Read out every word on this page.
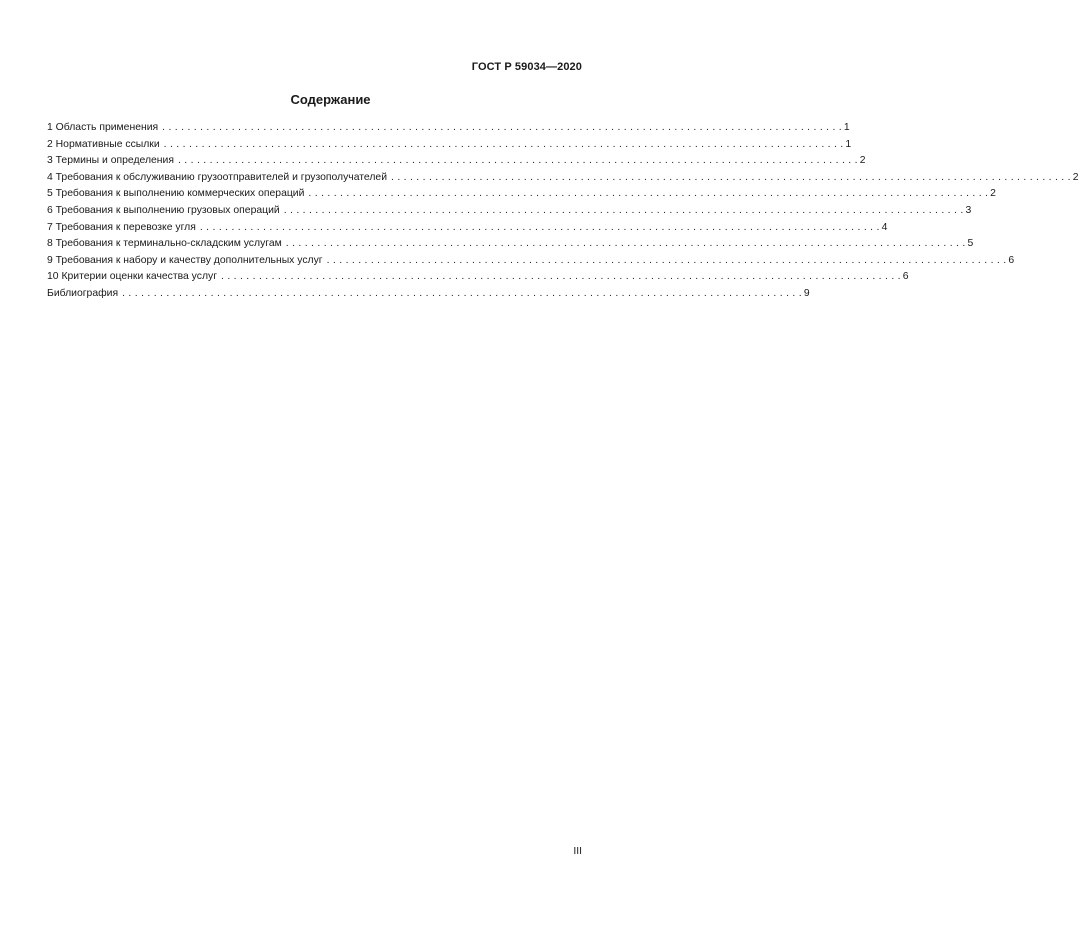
ГОСТ Р 59034—2020
Содержание
1 Область применения . . .	1
2 Нормативные ссылки . . .	1
3 Термины и определения . . .	2
4 Требования к обслуживанию грузоотправителей и грузополучателей . . .	2
5 Требования к выполнению коммерческих операций . . .	2
6 Требования к выполнению грузовых операций . . .	3
7 Требования к перевозке угля . . .	4
8 Требования к терминально-складским услугам . . .	5
9 Требования к набору и качеству дополнительных услуг . . .	6
10 Критерии оценки качества услуг . . .	6
Библиография . . .	9
III
